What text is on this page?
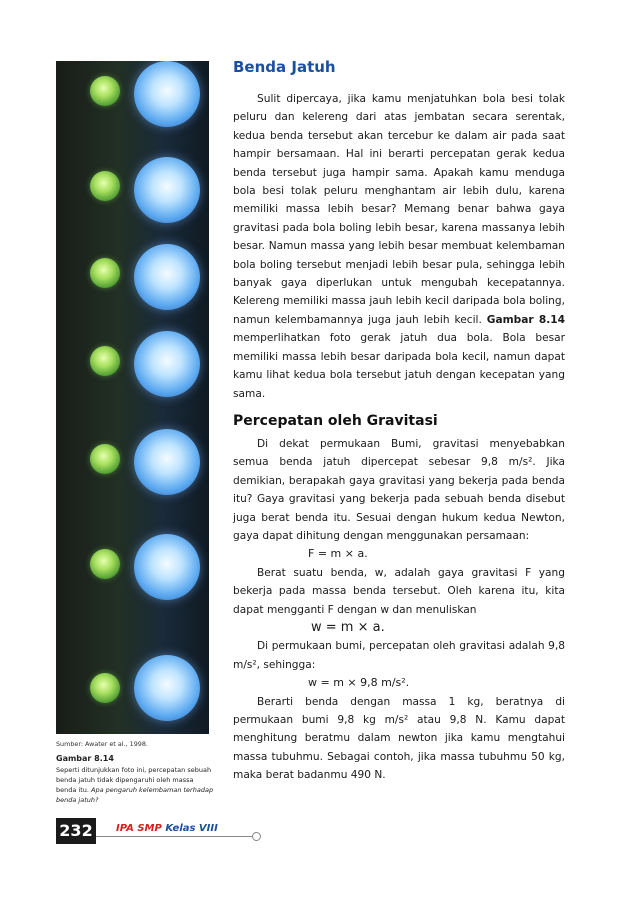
Sumber: Awater et al., 1998.
Gambar 8.14
Seperti ditunjukkan foto ini, percepatan sebuah benda jatuh tidak dipengaruhi oleh massa benda itu. Apa pengaruh kelembaman terhadap benda jatuh?
Benda Jatuh

Sulit dipercaya, jika kamu menjatuhkan bola besi tolak peluru dan kelereng dari atas jembatan secara serentak, kedua benda tersebut akan tercebur ke dalam air pada saat hampir bersamaan. Hal ini berarti percepatan gerak kedua benda tersebut juga hampir sama. Apakah kamu menduga bola besi tolak peluru menghantam air lebih dulu, karena memiliki massa lebih besar? Memang benar bahwa gaya gravitasi pada bola boling lebih besar, karena massanya lebih besar. Namun massa yang lebih besar membuat kelembaman bola boling tersebut menjadi lebih besar pula, sehingga lebih banyak gaya diperlukan untuk mengubah kecepatannya. Kelereng memiliki massa jauh lebih kecil daripada bola boling, namun kelembamannya juga jauh lebih kecil. Gambar 8.14 memperlihatkan foto gerak jatuh dua bola. Bola besar memiliki massa lebih besar daripada bola kecil, namun dapat kamu lihat kedua bola tersebut jatuh dengan kecepatan yang sama.

Percepatan oleh Gravitasi

Di dekat permukaan Bumi, gravitasi menyebabkan semua benda jatuh dipercepat sebesar 9,8 m/s². Jika demikian, berapakah gaya gravitasi yang bekerja pada benda itu? Gaya gravitasi yang bekerja pada sebuah benda disebut juga berat benda itu. Sesuai dengan hukum kedua Newton, gaya dapat dihitung dengan menggunakan persamaan:

F = m × a.

Berat suatu benda, w, adalah gaya gravitasi F yang bekerja pada massa benda tersebut. Oleh karena itu, kita dapat mengganti F dengan w dan menuliskan

w = m × a.

Di permukaan bumi, percepatan oleh gravitasi adalah 9,8 m/s², sehingga:

w = m × 9,8 m/s².

Berarti benda dengan massa 1 kg, beratnya di permukaan bumi 9,8 kg m/s² atau 9,8 N. Kamu dapat menghitung beratmu dalam newton jika kamu mengtahui massa tubuhmu. Sebagai contoh, jika massa tubuhmu 50 kg, maka berat badanmu 490 N.

232	IPA SMP Kelas VIII
